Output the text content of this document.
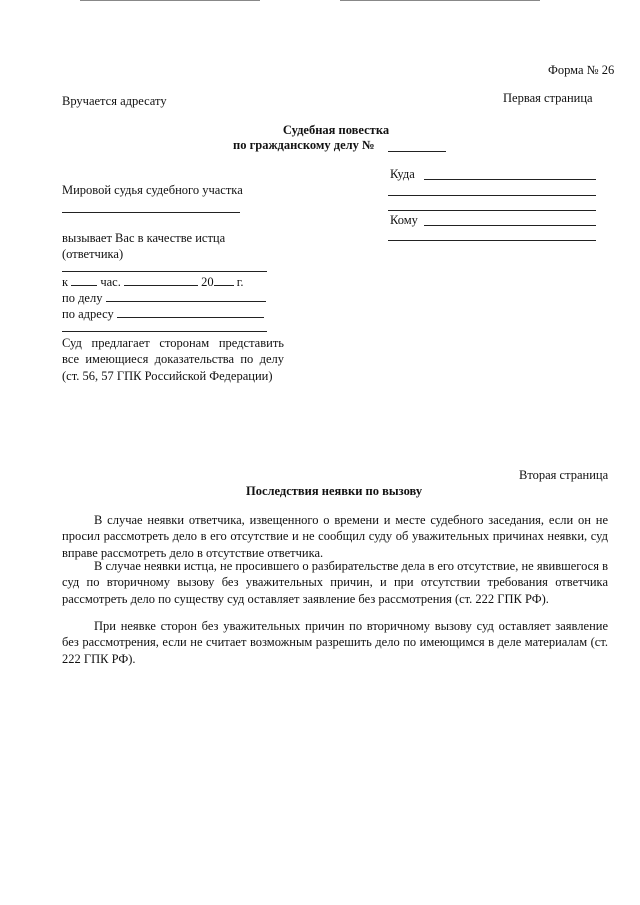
Форма № 26
Вручается адресату	Первая страница
Судебная повестка
по гражданскому делу №
Куда
Кому
Мировой судья судебного участка
вызывает Вас в качестве истца (ответчика)
к	час.	20 г.
по делу
по адресу
Суд предлагает сторонам представить все имеющиеся доказательства по делу (ст. 56, 57 ГПК Российской Федерации)
Вторая страница
Последствия неявки по вызову
В случае неявки ответчика, извещенного о времени и месте судебного заседания, если он не просил рассмотреть дело в его отсутствие и не сообщил суду об уважительных причинах неявки, суд вправе рассмотреть дело в отсутствие ответчика.
В случае неявки истца, не просившего о разбирательстве дела в его отсутствие, не явившегося в суд по вторичному вызову без уважительных причин, и при отсутствии требования ответчика рассмотреть дело по существу суд оставляет заявление без рассмотрения (ст. 222 ГПК РФ).
При неявке сторон без уважительных причин по вторичному вызову суд оставляет заявление без рассмотрения, если не считает возможным разрешить дело по имеющимся в деле материалам (ст. 222 ГПК РФ).
